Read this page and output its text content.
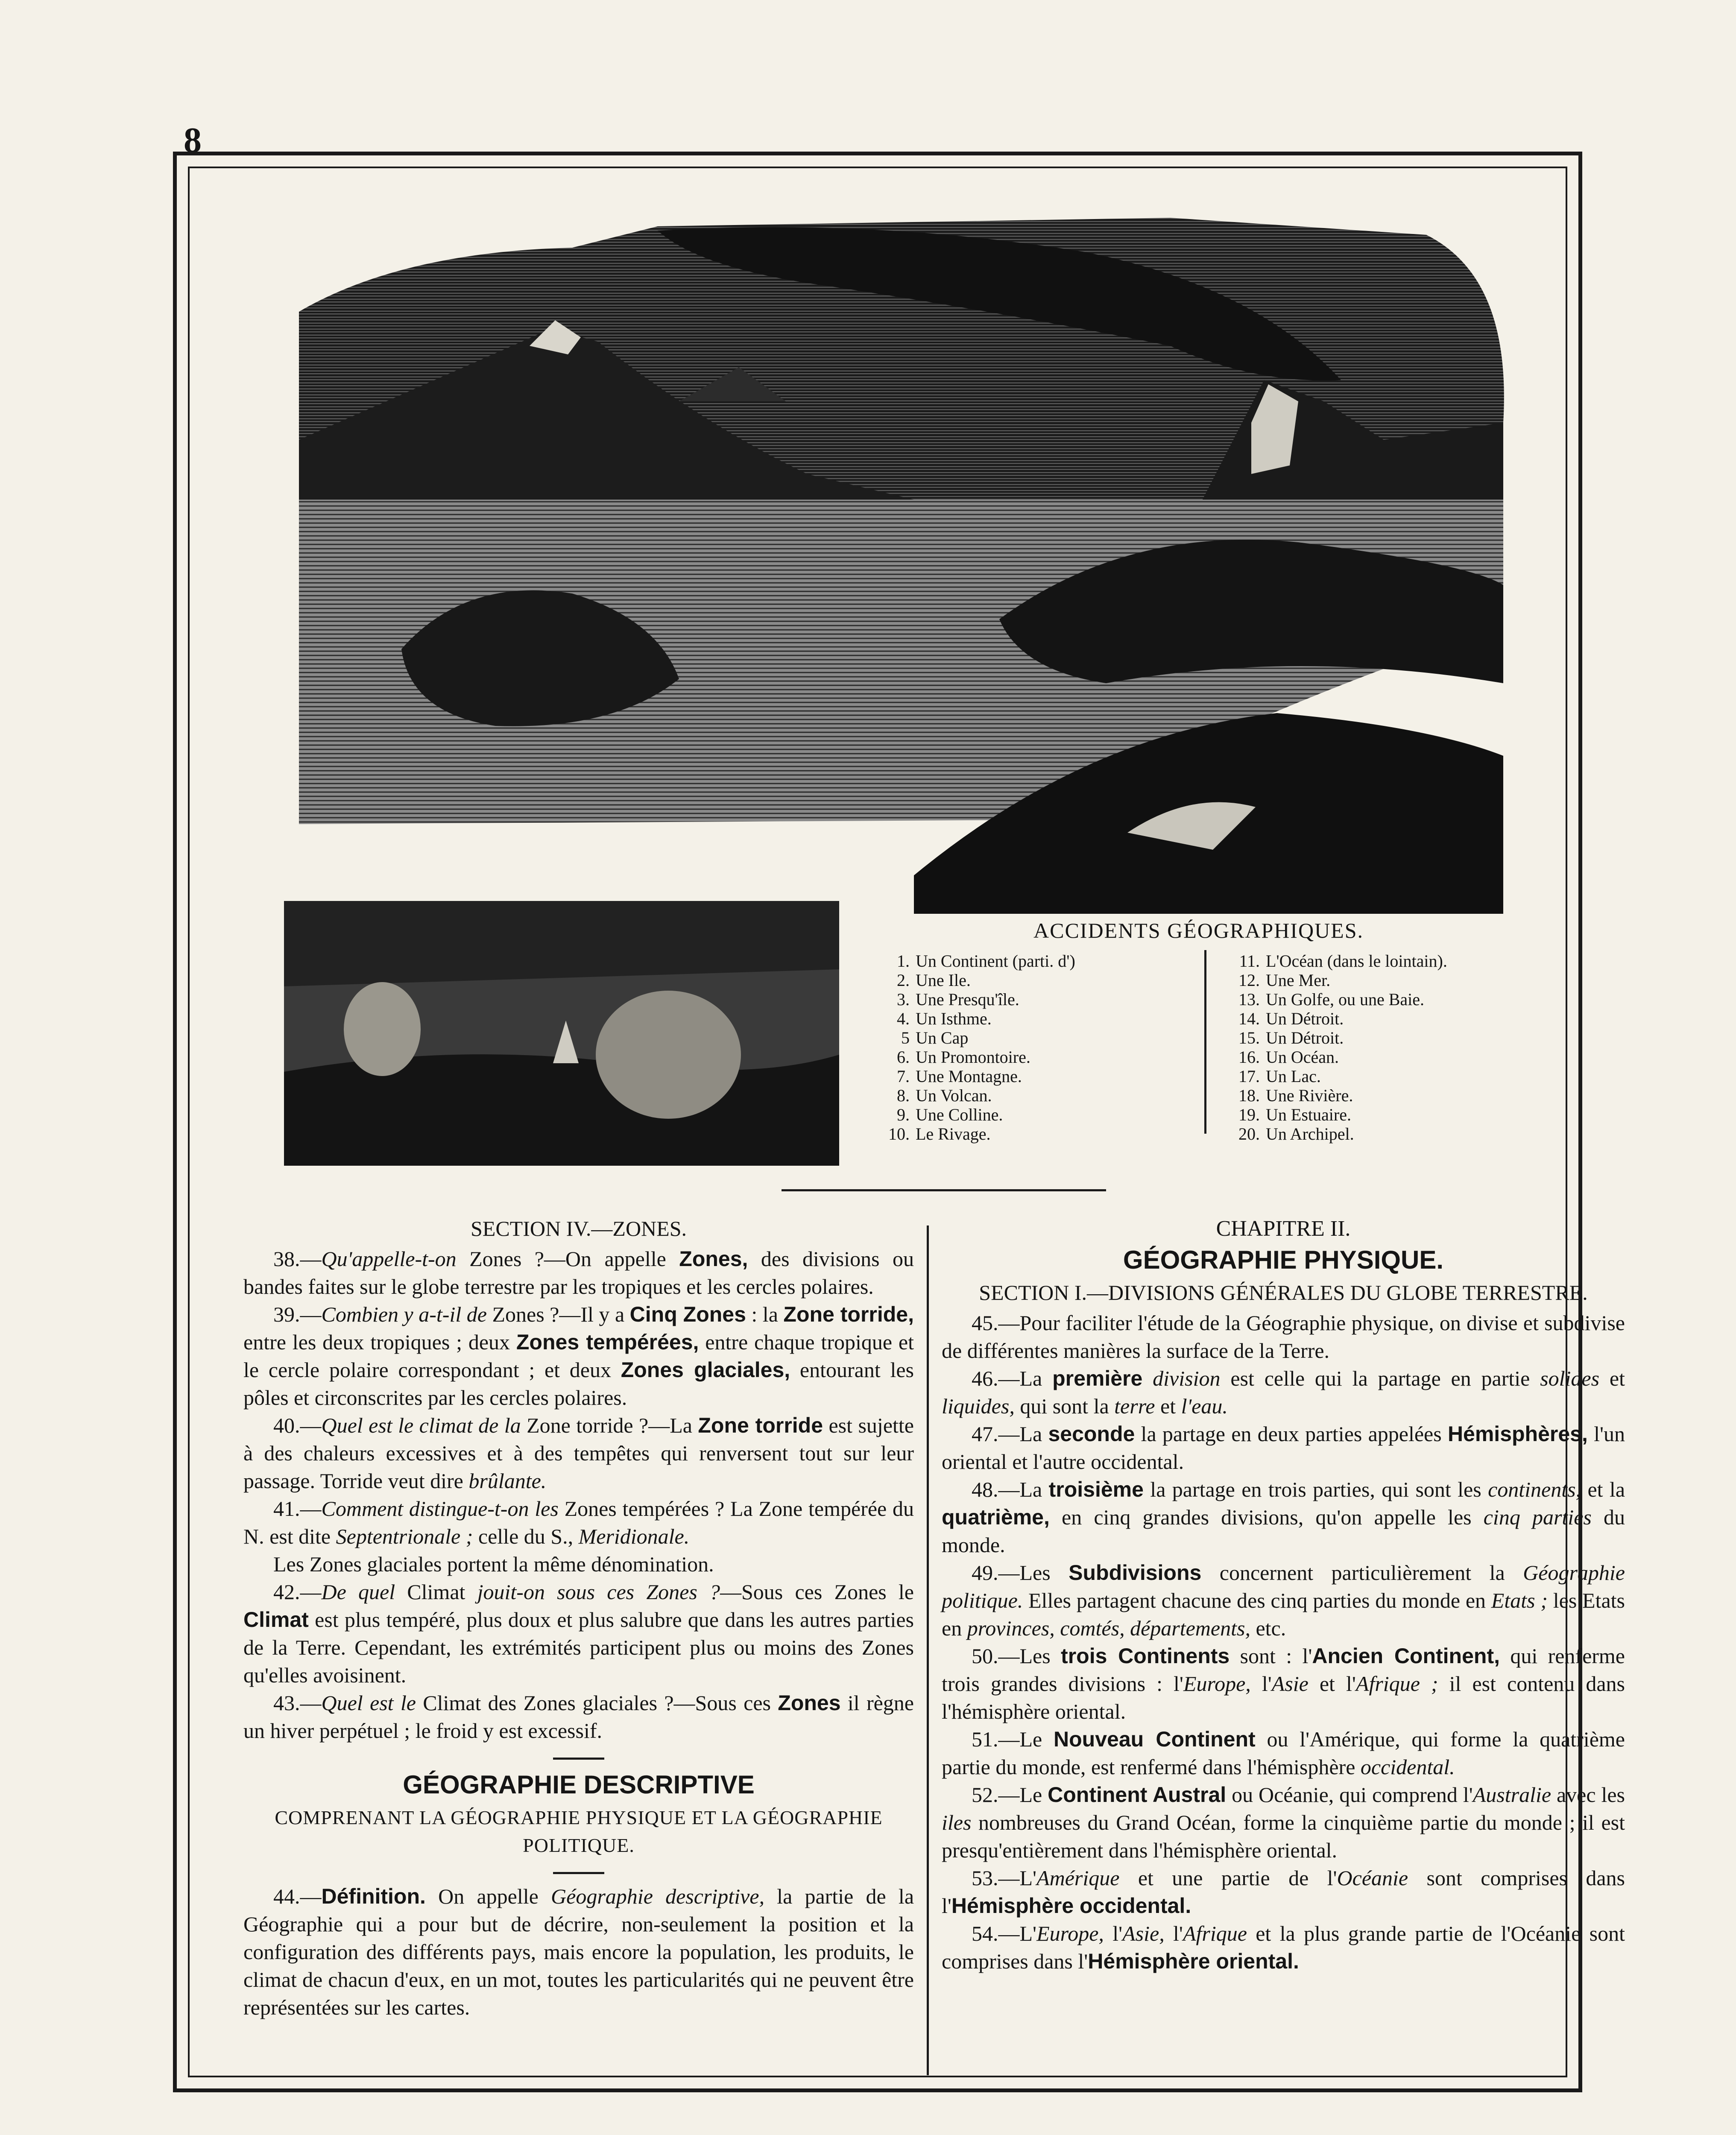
8
ACCIDENTS GÉOGRAPHIQUES.
1. Un Continent (parti. d')
2. Une Ile.
3. Une Presqu'île.
4. Un Isthme.
5 Un Cap
6. Un Promontoire.
7. Une Montagne.
8. Un Volcan.
9. Une Colline.
10. Le Rivage.
11. L'Océan (dans le lointain).
12. Une Mer.
13. Un Golfe, ou une Baie.
14. Un Détroit.
15. Un Détroit.
16. Un Océan.
17. Un Lac.
18. Une Rivière.
19. Un Estuaire.
20. Un Archipel.

SECTION IV.—ZONES.

38.—Qu'appelle-t-on Zones ?—On appelle Zones, des divisions ou bandes faites sur le globe terrestre par les tropiques et les cercles polaires.

39.—Combien y a-t-il de Zones ?—Il y a Cinq Zones : la Zone torride, entre les deux tropiques ; deux Zones tempérées, entre chaque tropique et le cercle polaire correspondant ; et deux Zones glaciales, entourant les pôles et circonscrites par les cercles polaires.

40.—Quel est le climat de la Zone torride ?—La Zone torride est sujette à des chaleurs excessives et à des tempêtes qui renversent tout sur leur passage. Torride veut dire brûlante.

41.—Comment distingue-t-on les Zones tempérées ? La Zone tempérée du N. est dite Septentrionale ; celle du S., Meridionale.

Les Zones glaciales portent la même dénomination.

42.—De quel Climat jouit-on sous ces Zones ?—Sous ces Zones le Climat est plus tempéré, plus doux et plus salubre que dans les autres parties de la Terre. Cependant, les extrémités participent plus ou moins des Zones qu'elles avoisinent.

43.—Quel est le Climat des Zones glaciales ?—Sous ces Zones il règne un hiver perpétuel ; le froid y est excessif.

GÉOGRAPHIE DESCRIPTIVE

COMPRENANT LA GÉOGRAPHIE PHYSIQUE ET LA GÉOGRAPHIE POLITIQUE.

44.—Définition. On appelle Géographie descriptive, la partie de la Géographie qui a pour but de décrire, non-seulement la position et la configuration des différents pays, mais encore la population, les produits, le climat de chacun d'eux, en un mot, toutes les particularités qui ne peuvent être représentées sur les cartes.

CHAPITRE II.

GÉOGRAPHIE PHYSIQUE.

SECTION I.—DIVISIONS GÉNÉRALES DU GLOBE TERRESTRE.

45.—Pour faciliter l'étude de la Géographie physique, on divise et subdivise de différentes manières la surface de la Terre.

46.—La première division est celle qui la partage en partie solides et liquides, qui sont la terre et l'eau.

47.—La seconde la partage en deux parties appelées Hémisphères, l'un oriental et l'autre occidental.

48.—La troisième la partage en trois parties, qui sont les continents, et la quatrième, en cinq grandes divisions, qu'on appelle les cinq parties du monde.

49.—Les Subdivisions concernent particulièrement la Géographie politique. Elles partagent chacune des cinq parties du monde en Etats ; les Etats en provinces, comtés, départements, etc.

50.—Les trois Continents sont : l'Ancien Continent, qui renferme trois grandes divisions : l'Europe, l'Asie et l'Afrique ; il est contenu dans l'hémisphère oriental.

51.—Le Nouveau Continent ou l'Amérique, qui forme la quatrième partie du monde, est renfermé dans l'hémisphère occidental.

52.—Le Continent Austral ou Océanie, qui comprend l'Australie avec les iles nombreuses du Grand Océan, forme la cinquième partie du monde ; il est presqu'entièrement dans l'hémisphère oriental.

53.—L'Amérique et une partie de l'Océanie sont comprises dans l'Hémisphère occidental.

54.—L'Europe, l'Asie, l'Afrique et la plus grande partie de l'Océanie sont comprises dans l'Hémisphère oriental.
